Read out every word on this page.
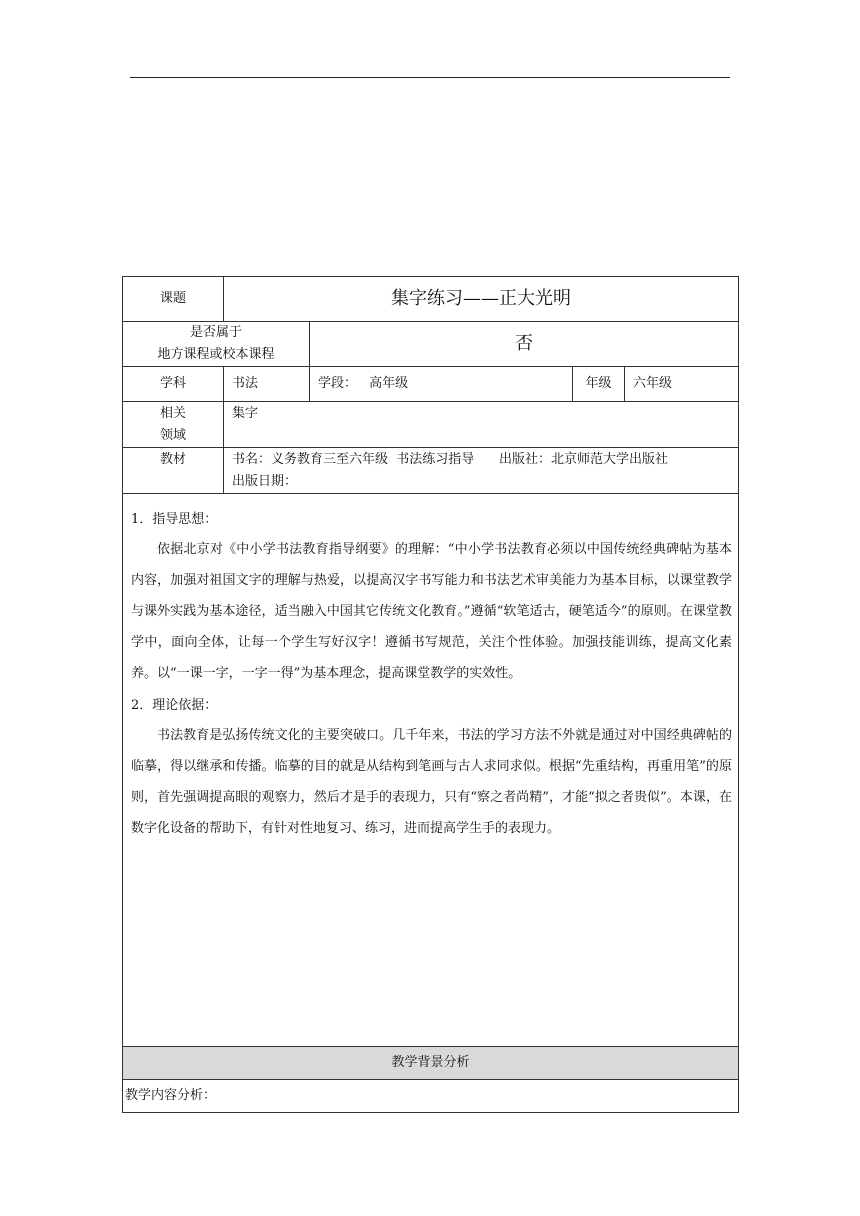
课题	集字练习——正大光明			

是否属于
地方课程或校本课程		否		
学科	书法	学段： 高年级	年级	六年级

相关
领域	集字			
教材	书名：义务教育三至六年级  书法练习指导      出版社：北京师范大学出版社
出版日期：			

1．指导思想：

依据北京对《中小学书法教育指导纲要》的理解：“中小学书法教育必须以中国传统经典碑帖为基本内容，加强对祖国文字的理解与热爱，以提高汉字书写能力和书法艺术审美能力为基本目标，以课堂教学与课外实践为基本途径，适当融入中国其它传统文化教育。”遵循“软笔适古，硬笔适今”的原则。在课堂教学中，面向全体，让每一个学生写好汉字！遵循书写规范，关注个性体验。加强技能训练，提高文化素养。以“一课一字，一字一得”为基本理念，提高课堂教学的实效性。

2．理论依据：

书法教育是弘扬传统文化的主要突破口。几千年来，书法的学习方法不外就是通过对中国经典碑帖的临摹，得以继承和传播。临摹的目的就是从结构到笔画与古人求同求似。根据“先重结构，再重用笔”的原则，首先强调提高眼的观察力，然后才是手的表现力，只有“察之者尚精”，才能“拟之者贵似”。本课，在数字化设备的帮助下，有针对性地复习、练习，进而提高学生手的表现力。				

教学背景分析				
教学内容分析：				
